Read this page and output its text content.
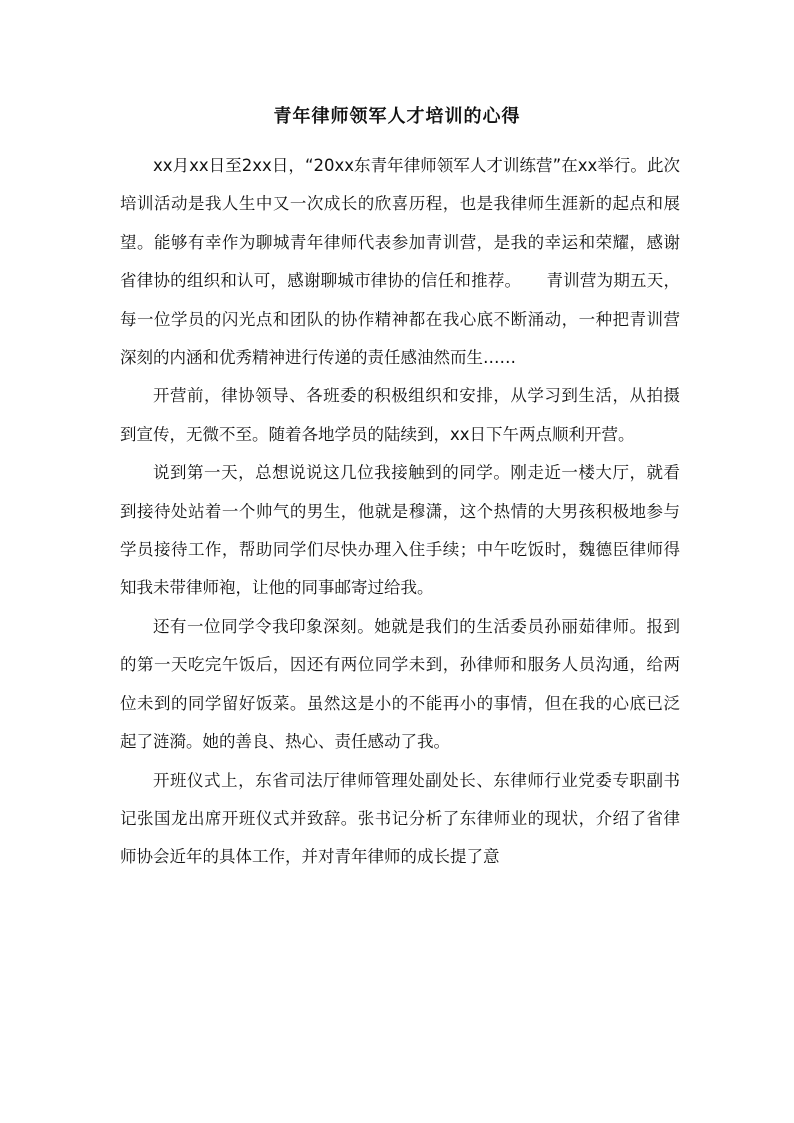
青年律师领军人才培训的心得

xx月xx日至2xx日，“20xx东青年律师领军人才训练营”在xx举行。此次培训活动是我人生中又一次成长的欣喜历程，也是我律师生涯新的起点和展望。能够有幸作为聊城青年律师代表参加青训营，是我的幸运和荣耀，感谢省律协的组织和认可，感谢聊城市律协的信任和推荐。　　青训营为期五天，每一位学员的闪光点和团队的协作精神都在我心底不断涌动，一种把青训营深刻的内涵和优秀精神进行传递的责任感油然而生……

开营前，律协领导、各班委的积极组织和安排，从学习到生活，从拍摄到宣传，无微不至。随着各地学员的陆续到，xx日下午两点顺利开营。

说到第一天，总想说说这几位我接触到的同学。刚走近一楼大厅，就看到接待处站着一个帅气的男生，他就是穆潇，这个热情的大男孩积极地参与学员接待工作，帮助同学们尽快办理入住手续；中午吃饭时，魏德臣律师得知我未带律师袍，让他的同事邮寄过给我。

还有一位同学令我印象深刻。她就是我们的生活委员孙丽茹律师。报到的第一天吃完午饭后，因还有两位同学未到，孙律师和服务人员沟通，给两位未到的同学留好饭菜。虽然这是小的不能再小的事情，但在我的心底已泛起了涟漪。她的善良、热心、责任感动了我。

开班仪式上，东省司法厅律师管理处副处长、东律师行业党委专职副书记张国龙出席开班仪式并致辞。张书记分析了东律师业的现状，介绍了省律师协会近年的具体工作，并对青年律师的成长提了意
